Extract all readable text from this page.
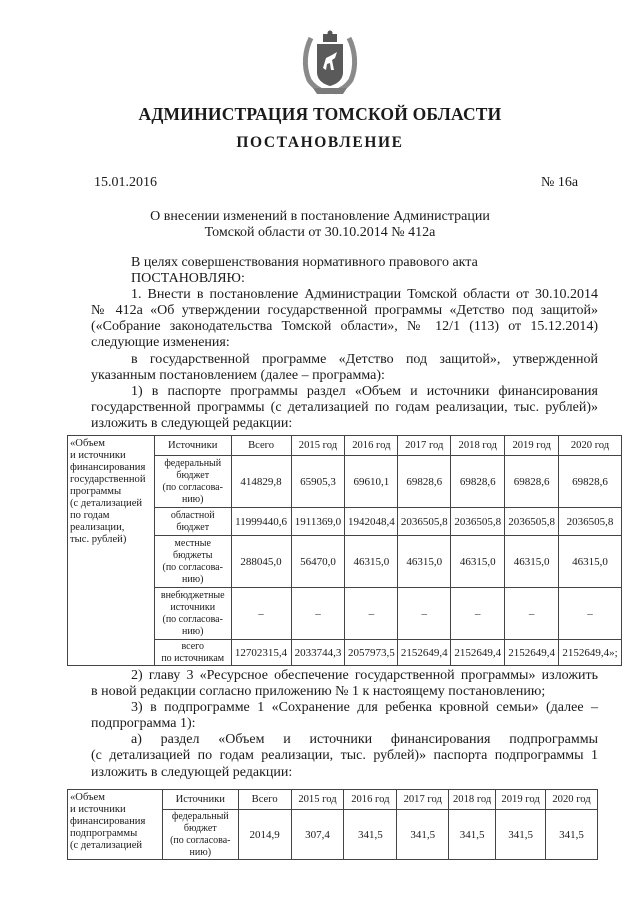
АДМИНИСТРАЦИЯ ТОМСКОЙ ОБЛАСТИ
ПОСТАНОВЛЕНИЕ
15.01.2016	№ 16а
О внесении изменений в постановление Администрации
Томской области от 30.10.2014 № 412а
В целях совершенствования нормативного правового акта
ПОСТАНОВЛЯЮ:
1. Внести в постановление Администрации Томской области от 30.10.2014
№ 412а «Об утверждении государственной программы «Детство под защитой»
(«Собрание законодательства Томской области», № 12/1 (113) от 15.12.2014)
следующие изменения:
в государственной программе «Детство под защитой», утвержденной
указанным постановлением (далее – программа):
1) в паспорте программы раздел «Объем и источники финансирования
государственной программы (с детализацией по годам реализации, тыс. рублей)»
изложить в следующей редакции:
«Объем
и источники
финансирования
государственной
программы
(с детализацией
по годам
реализации,
тыс. рублей)
	Источники	Всего	2015 год	2016 год	2017 год	2018 год	2019 год	2020 год

	федеральный
бюджет
(по согласова-
нию)	414829,8	65905,3	69610,1	69828,6	69828,6	69828,6	69828,6

	областной
бюджет	11999440,6	1911369,0	1942048,4	2036505,8	2036505,8	2036505,8	2036505,8

	местные
бюджеты
(по согласова-
нию)	288045,0	56470,0	46315,0	46315,0	46315,0	46315,0	46315,0

	внебюджетные
источники
(по согласова-
нию)	–	–	–	–	–	–	–

	всего
по источникам	12702315,4	2033744,3	2057973,5	2152649,4	2152649,4	2152649,4	2152649,4»;
2) главу 3 «Ресурсное обеспечение государственной программы» изложить
в новой редакции согласно приложению № 1 к настоящему постановлению;
3) в подпрограмме 1 «Сохранение для ребенка кровной семьи» (далее –
подпрограмма 1):
а) раздел «Объем и источники финансирования подпрограммы
(с детализацией по годам реализации, тыс. рублей)» паспорта подпрограммы 1
изложить в следующей редакции:
«Объем
и источники
финансирования
подпрограммы
(с детализацией	Источники	Всего	2015 год	2016 год	2017 год	2018 год	2019 год	2020 год

	федеральный
бюджет
(по согласова-
нию)	2014,9	307,4	341,5	341,5	341,5	341,5	341,5
